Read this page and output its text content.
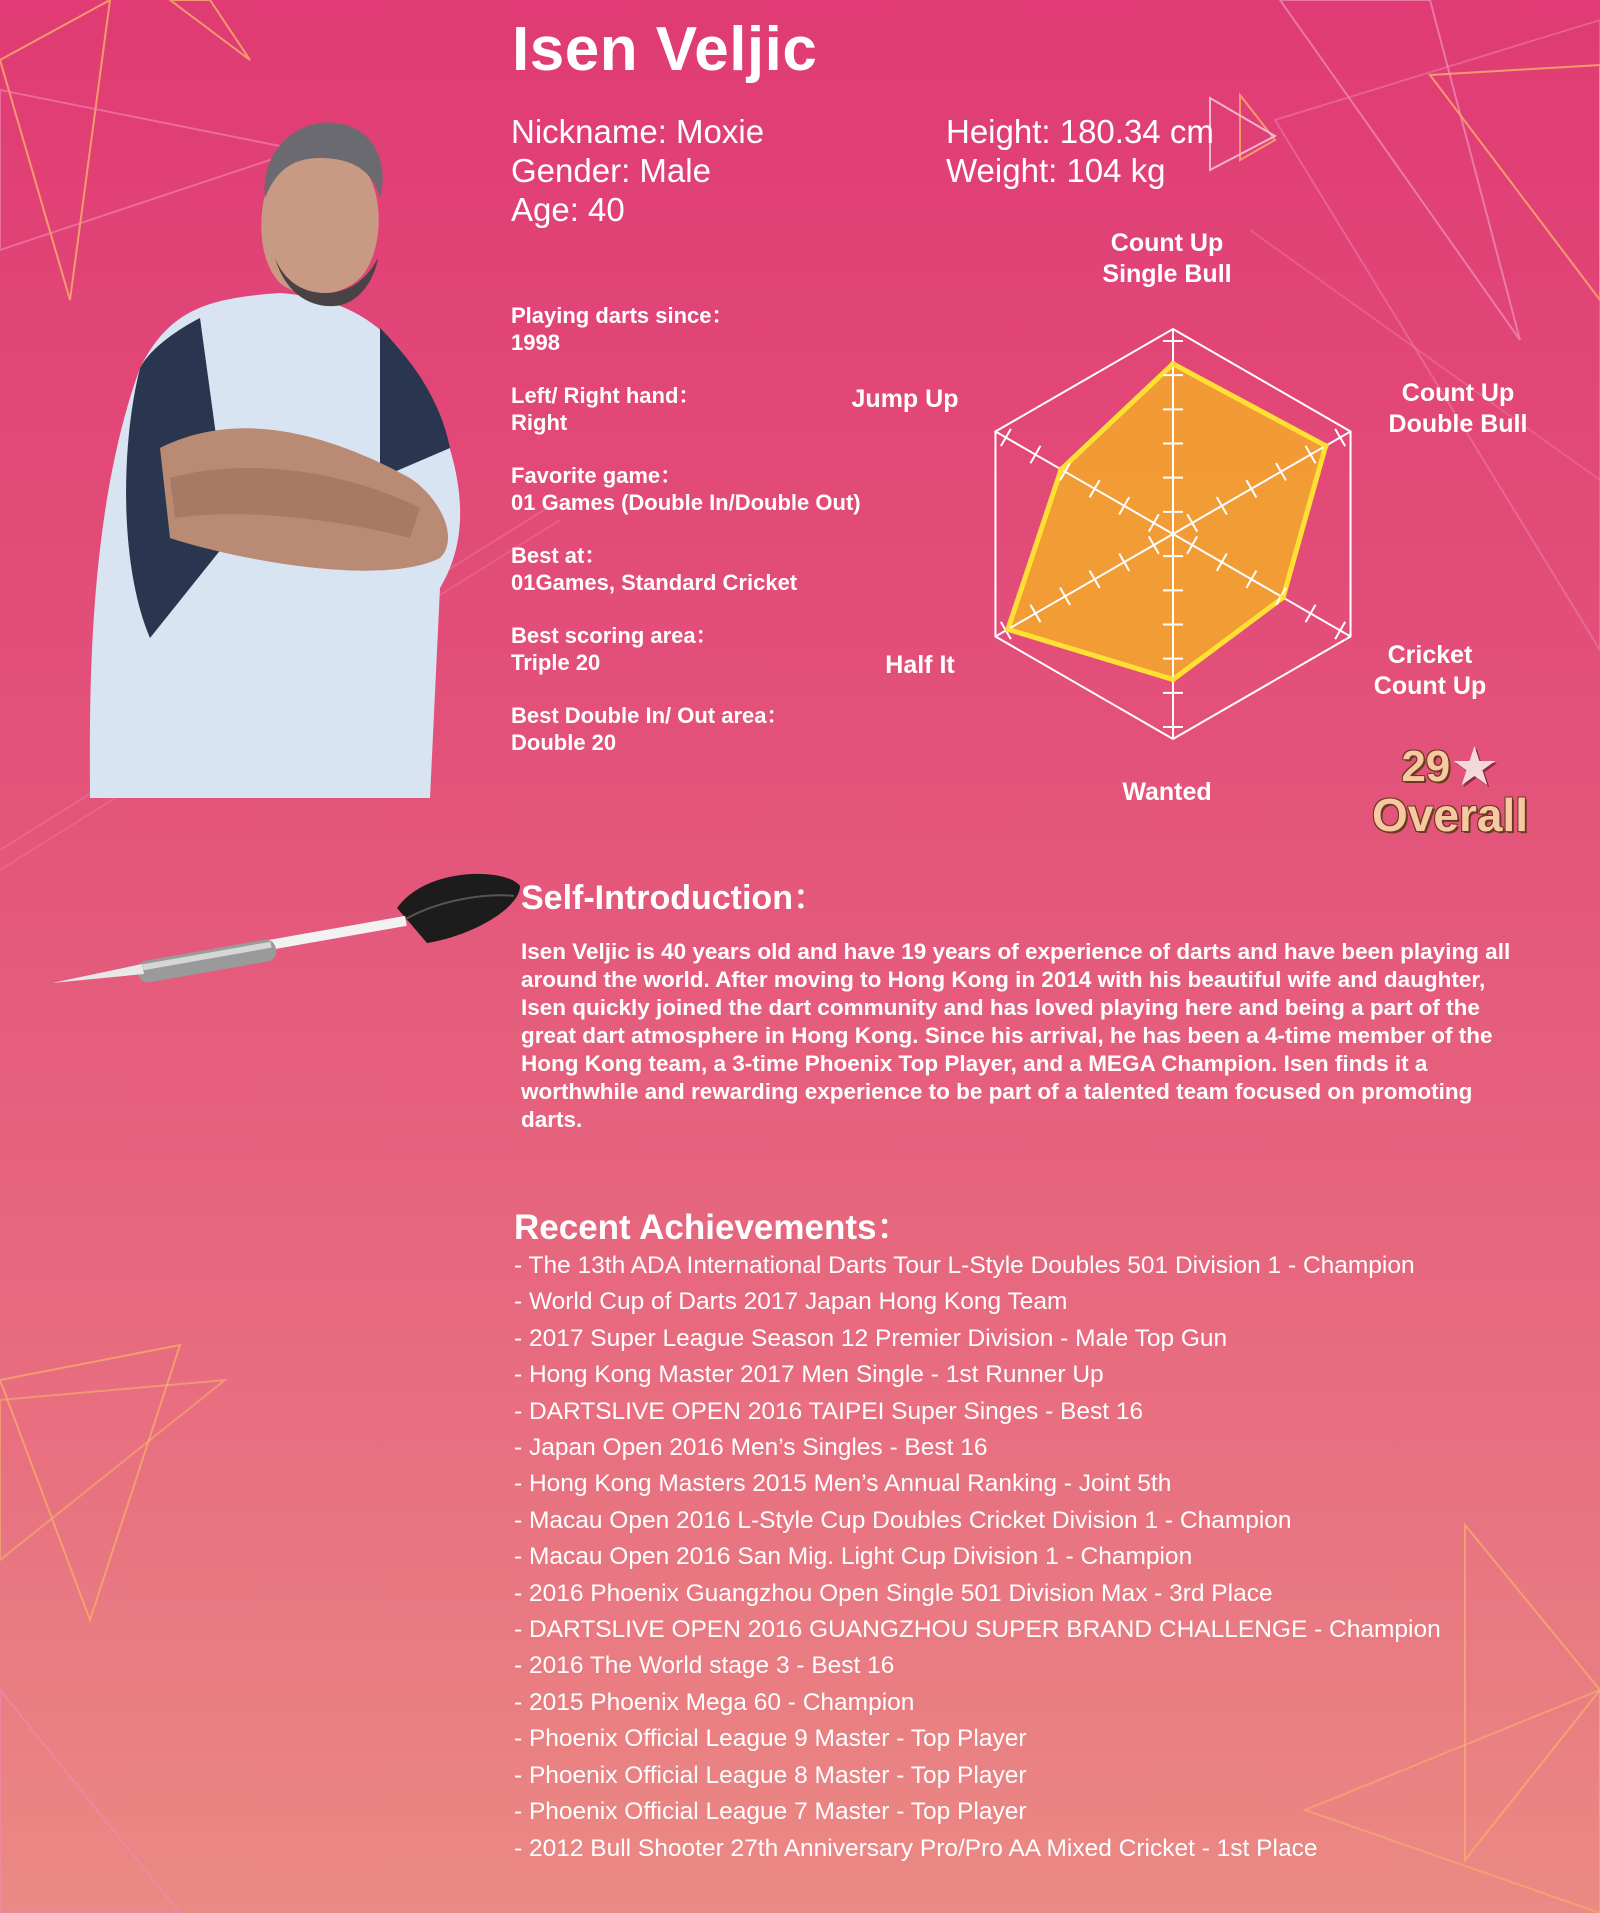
Isen Veljic
Nickname: Moxie
Gender: Male
Age: 40
Height: 180.34 cm
Weight: 104 kg
Playing darts since：
1998
Left/ Right hand：
Right
Favorite game：
01 Games (Double In/Double Out)
Best at：
01Games, Standard Cricket
Best scoring area：
Triple 20
Best Double In/ Out area：
Double 20
Count Up
Single Bull
Count Up
Double Bull
Cricket
Count Up
Wanted
Half It
Jump Up
29★
Overall
Self-Introduction：
Isen Veljic is 40 years old and have 19 years of experience of darts and have been playing all around the world. After moving to Hong Kong in 2014 with his beautiful wife and daughter, Isen quickly joined the dart community and has loved playing here and being a part of the great dart atmosphere in Hong Kong. Since his arrival, he has been a 4-time member of the Hong Kong team, a 3-time Phoenix Top Player, and a MEGA Champion. Isen finds it a worthwhile and rewarding experience to be part of a talented team focused on promoting darts.
Recent Achievements：
- The 13th ADA International Darts Tour L-Style Doubles 501 Division 1 - Champion
- World Cup of Darts 2017 Japan Hong Kong Team
- 2017 Super League Season 12 Premier Division - Male Top Gun
- Hong Kong Master 2017 Men Single - 1st Runner Up
- DARTSLIVE OPEN 2016 TAIPEI Super Singes - Best 16
- Japan Open 2016 Men’s Singles - Best 16
- Hong Kong Masters 2015 Men’s Annual Ranking - Joint 5th
- Macau Open 2016 L-Style Cup Doubles Cricket Division 1 - Champion
- Macau Open 2016 San Mig. Light Cup Division 1 - Champion
- 2016 Phoenix Guangzhou Open Single 501 Division Max - 3rd Place
- DARTSLIVE OPEN 2016 GUANGZHOU SUPER BRAND CHALLENGE - Champion
- 2016 The World stage 3 - Best 16
- 2015 Phoenix Mega 60 - Champion
- Phoenix Official League 9 Master - Top Player
- Phoenix Official League 8 Master - Top Player
- Phoenix Official League 7 Master - Top Player
- 2012 Bull Shooter 27th Anniversary Pro/Pro AA Mixed Cricket - 1st Place
